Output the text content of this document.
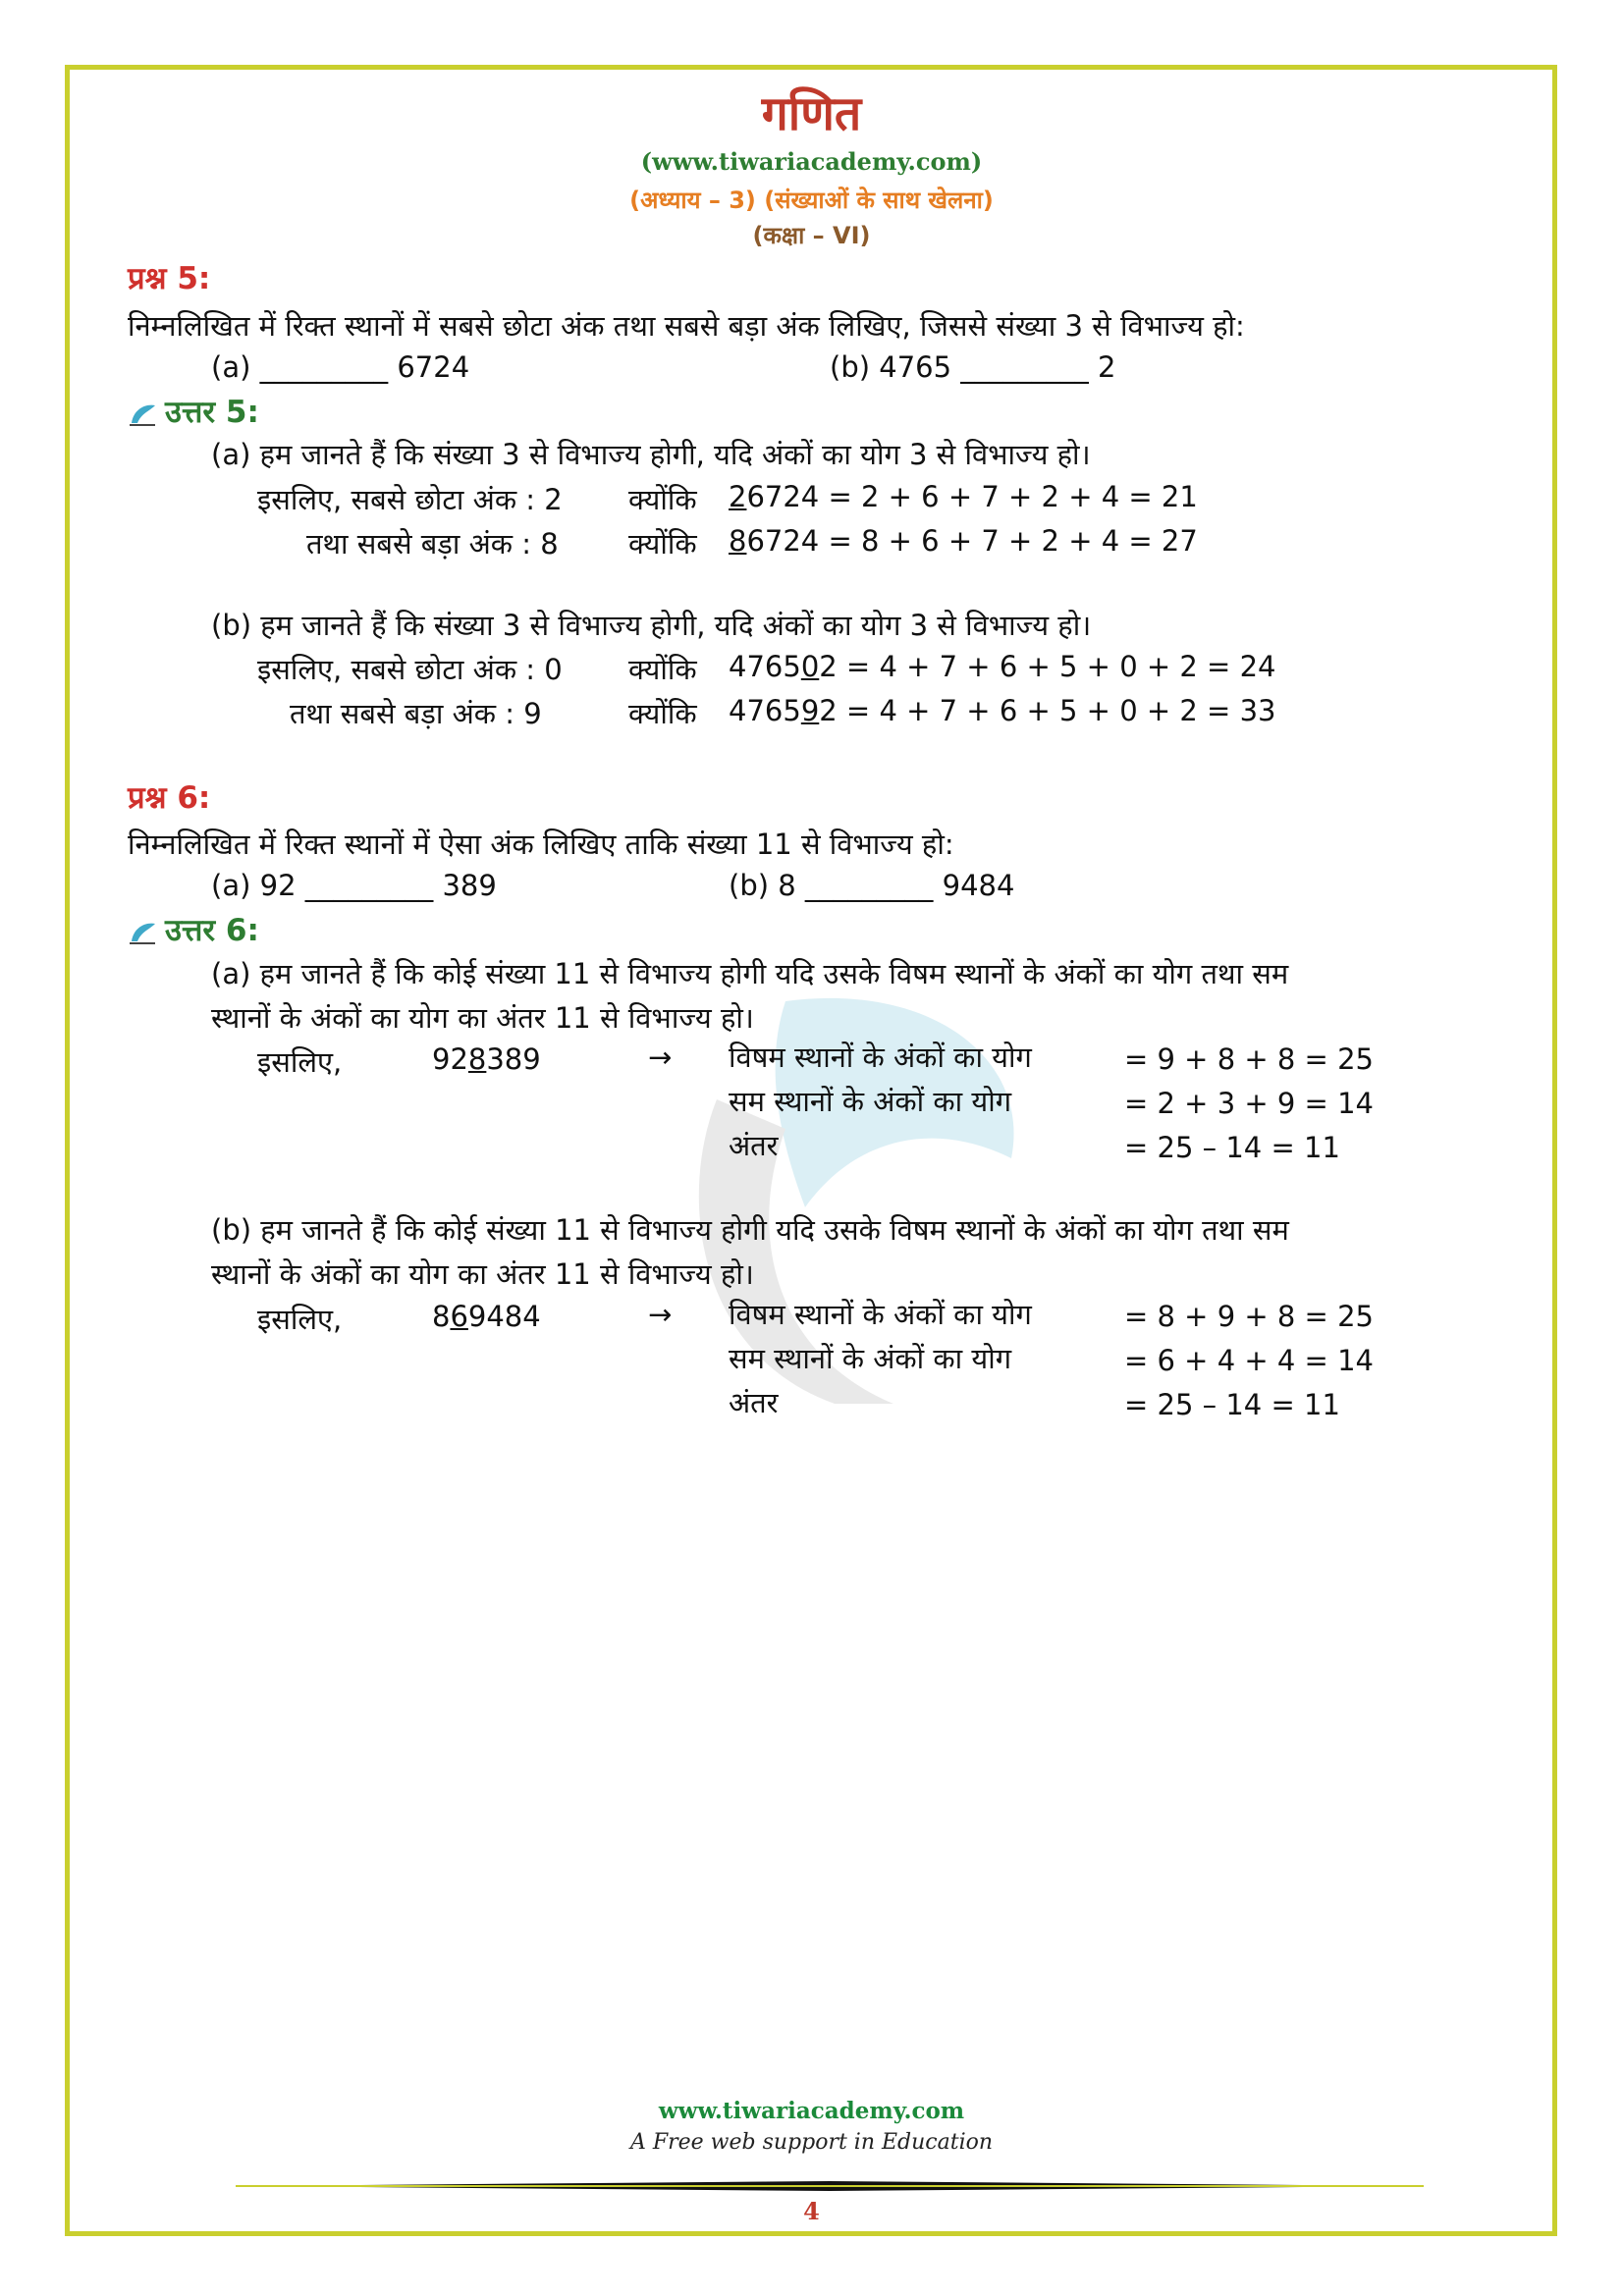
गणित
(www.tiwariacademy.com)
(अध्याय – 3) (संख्याओं के साथ खेलना)
(कक्षा – VI)
प्रश्न 5:
निम्नलिखित में रिक्त स्थानों में सबसे छोटा अंक तथा सबसे बड़ा अंक लिखिए, जिससे संख्या 3 से विभाज्य हो:
(a) _________ 6724	(b) 4765 _________ 2
उत्तर 5:
(a) हम जानते हैं कि संख्या 3 से विभाज्य होगी, यदि अंकों का योग 3 से विभाज्य हो।
इसलिए, सबसे छोटा अंक : 2 क्योंकि 26724 = 2 + 6 + 7 + 2 + 4 = 21
तथा सबसे बड़ा अंक : 8 क्योंकि 86724 = 8 + 6 + 7 + 2 + 4 = 27
(b) हम जानते हैं कि संख्या 3 से विभाज्य होगी, यदि अंकों का योग 3 से विभाज्य हो।
इसलिए, सबसे छोटा अंक : 0 क्योंकि 476502 = 4 + 7 + 6 + 5 + 0 + 2 = 24
तथा सबसे बड़ा अंक : 9	क्योंकि 476592 = 4 + 7 + 6 + 5 + 0 + 2 = 33
प्रश्न 6:
निम्नलिखित में रिक्त स्थानों में ऐसा अंक लिखिए ताकि संख्या 11 से विभाज्य हो:
(a) 92 _________ 389	(b) 8 _________ 9484
उत्तर 6:
(a) हम जानते हैं कि कोई संख्या 11 से विभाज्य होगी यदि उसके विषम स्थानों के अंकों का योग तथा सम
स्थानों के अंकों का योग का अंतर 11 से विभाज्य हो।
इसलिए,	928389	→ विषम स्थानों के अंकों का योग	= 9 + 8 + 8 = 25
सम स्थानों के अंकों का योग	= 2 + 3 + 9 = 14
अंतर	= 25 – 14 = 11
(b) हम जानते हैं कि कोई संख्या 11 से विभाज्य होगी यदि उसके विषम स्थानों के अंकों का योग तथा सम
स्थानों के अंकों का योग का अंतर 11 से विभाज्य हो।
इसलिए,	869484	→ विषम स्थानों के अंकों का योग	= 8 + 9 + 8 = 25
सम स्थानों के अंकों का योग	= 6 + 4 + 4 = 14
अंतर	= 25 – 14 = 11
www.tiwariacademy.com
A Free web support in Education
4
